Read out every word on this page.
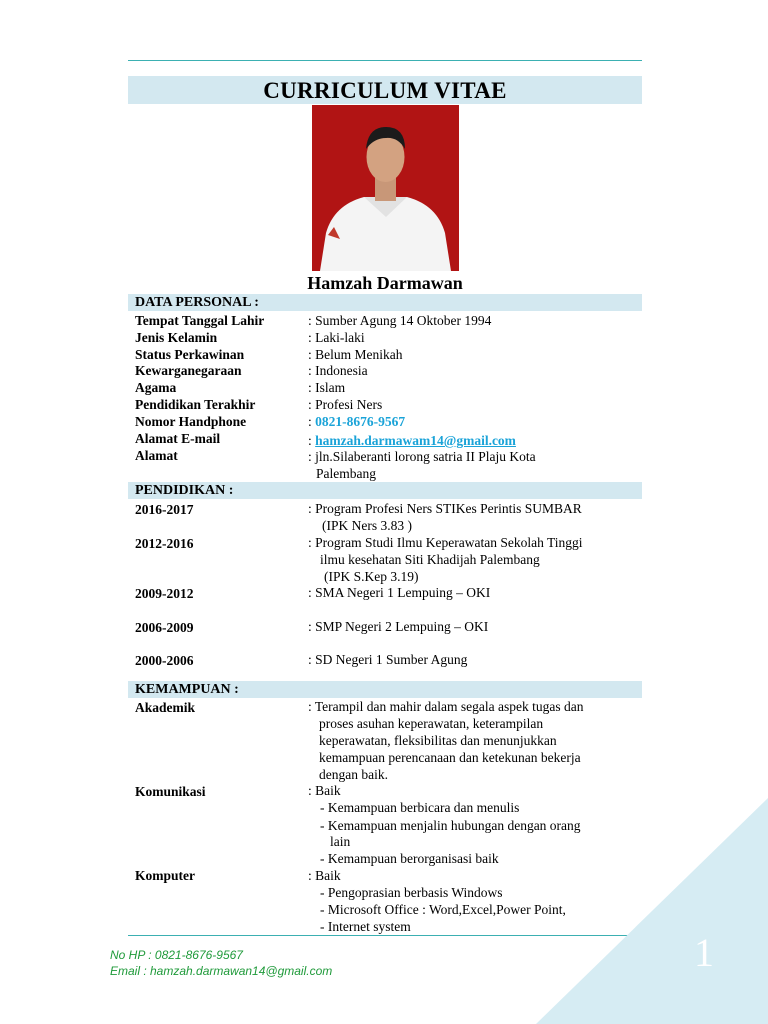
CURRICULUM VITAE
Hamzah Darmawan
DATA PERSONAL :
Tempat Tanggal Lahir	: Sumber Agung 14 Oktober 1994
Jenis Kelamin	: Laki-laki
Status Perkawinan	: Belum Menikah
Kewarganegaraan	: Indonesia
Agama	: Islam
Pendidikan Terakhir	: Profesi Ners
Nomor Handphone	: 0821-8676-9567
Alamat E-mail	: hamzah.darmawam14@gmail.com
Alamat	: jln.Silaberanti lorong satria II Plaju Kota
Palembang
PENDIDIKAN :
2016-2017	: Program Profesi Ners STIKes Perintis SUMBAR
(IPK Ners 3.83 )
2012-2016	: Program Studi Ilmu Keperawatan Sekolah Tinggi
ilmu kesehatan Siti Khadijah Palembang
(IPK S.Kep 3.19)
2009-2012	: SMA Negeri 1 Lempuing – OKI
2006-2009	: SMP Negeri 2 Lempuing – OKI
2000-2006	: SD Negeri 1 Sumber Agung
KEMAMPUAN :
Akademik	: Terampil dan mahir dalam segala aspek tugas dan
proses asuhan keperawatan, keterampilan
keperawatan, fleksibilitas dan menunjukkan
kemampuan perencanaan dan ketekunan bekerja
dengan baik.
Komunikasi	: Baik
- Kemampuan berbicara dan menulis
- Kemampuan menjalin hubungan dengan orang
lain
- Kemampuan berorganisasi baik
Komputer	: Baik
- Pengoprasian berbasis Windows
- Microsoft Office : Word,Excel,Power Point,
- Internet system
1
No HP : 0821-8676-9567
Email : hamzah.darmawan14@gmail.com
